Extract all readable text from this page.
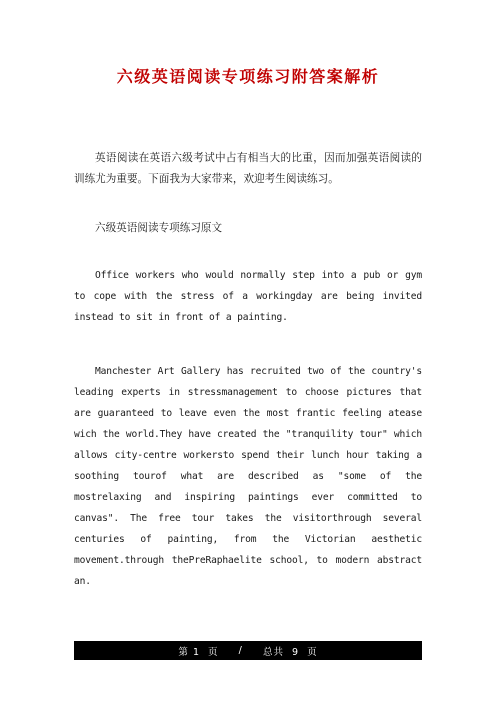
六级英语阅读专项练习附答案解析

英语阅读在英语六级考试中占有相当大的比重，因而加强英语阅读的训练尤为重要。下面我为大家带来，欢迎考生阅读练习。

六级英语阅读专项练习原文

Office workers who would normally step into a pub or gym to cope with the stress of a workingday are being invited instead to sit in front of a painting.

Manchester Art Gallery has recruited two of the country's leading experts in stressmanagement to choose pictures that are guaranteed to leave even the most frantic feeling atease wich the world.They have created the "tranquility tour" which allows city-centre workersto spend their lunch hour taking a soothing tourof what are described as "some of the mostrelaxing and inspiring paintings ever committed to canvas". The free tour takes the visitorthrough several centuries of painting, from the Victorian aesthetic movement.through thePreRaphaelite school, to modern abstract an.

第 1  页
/
总共  9  页
